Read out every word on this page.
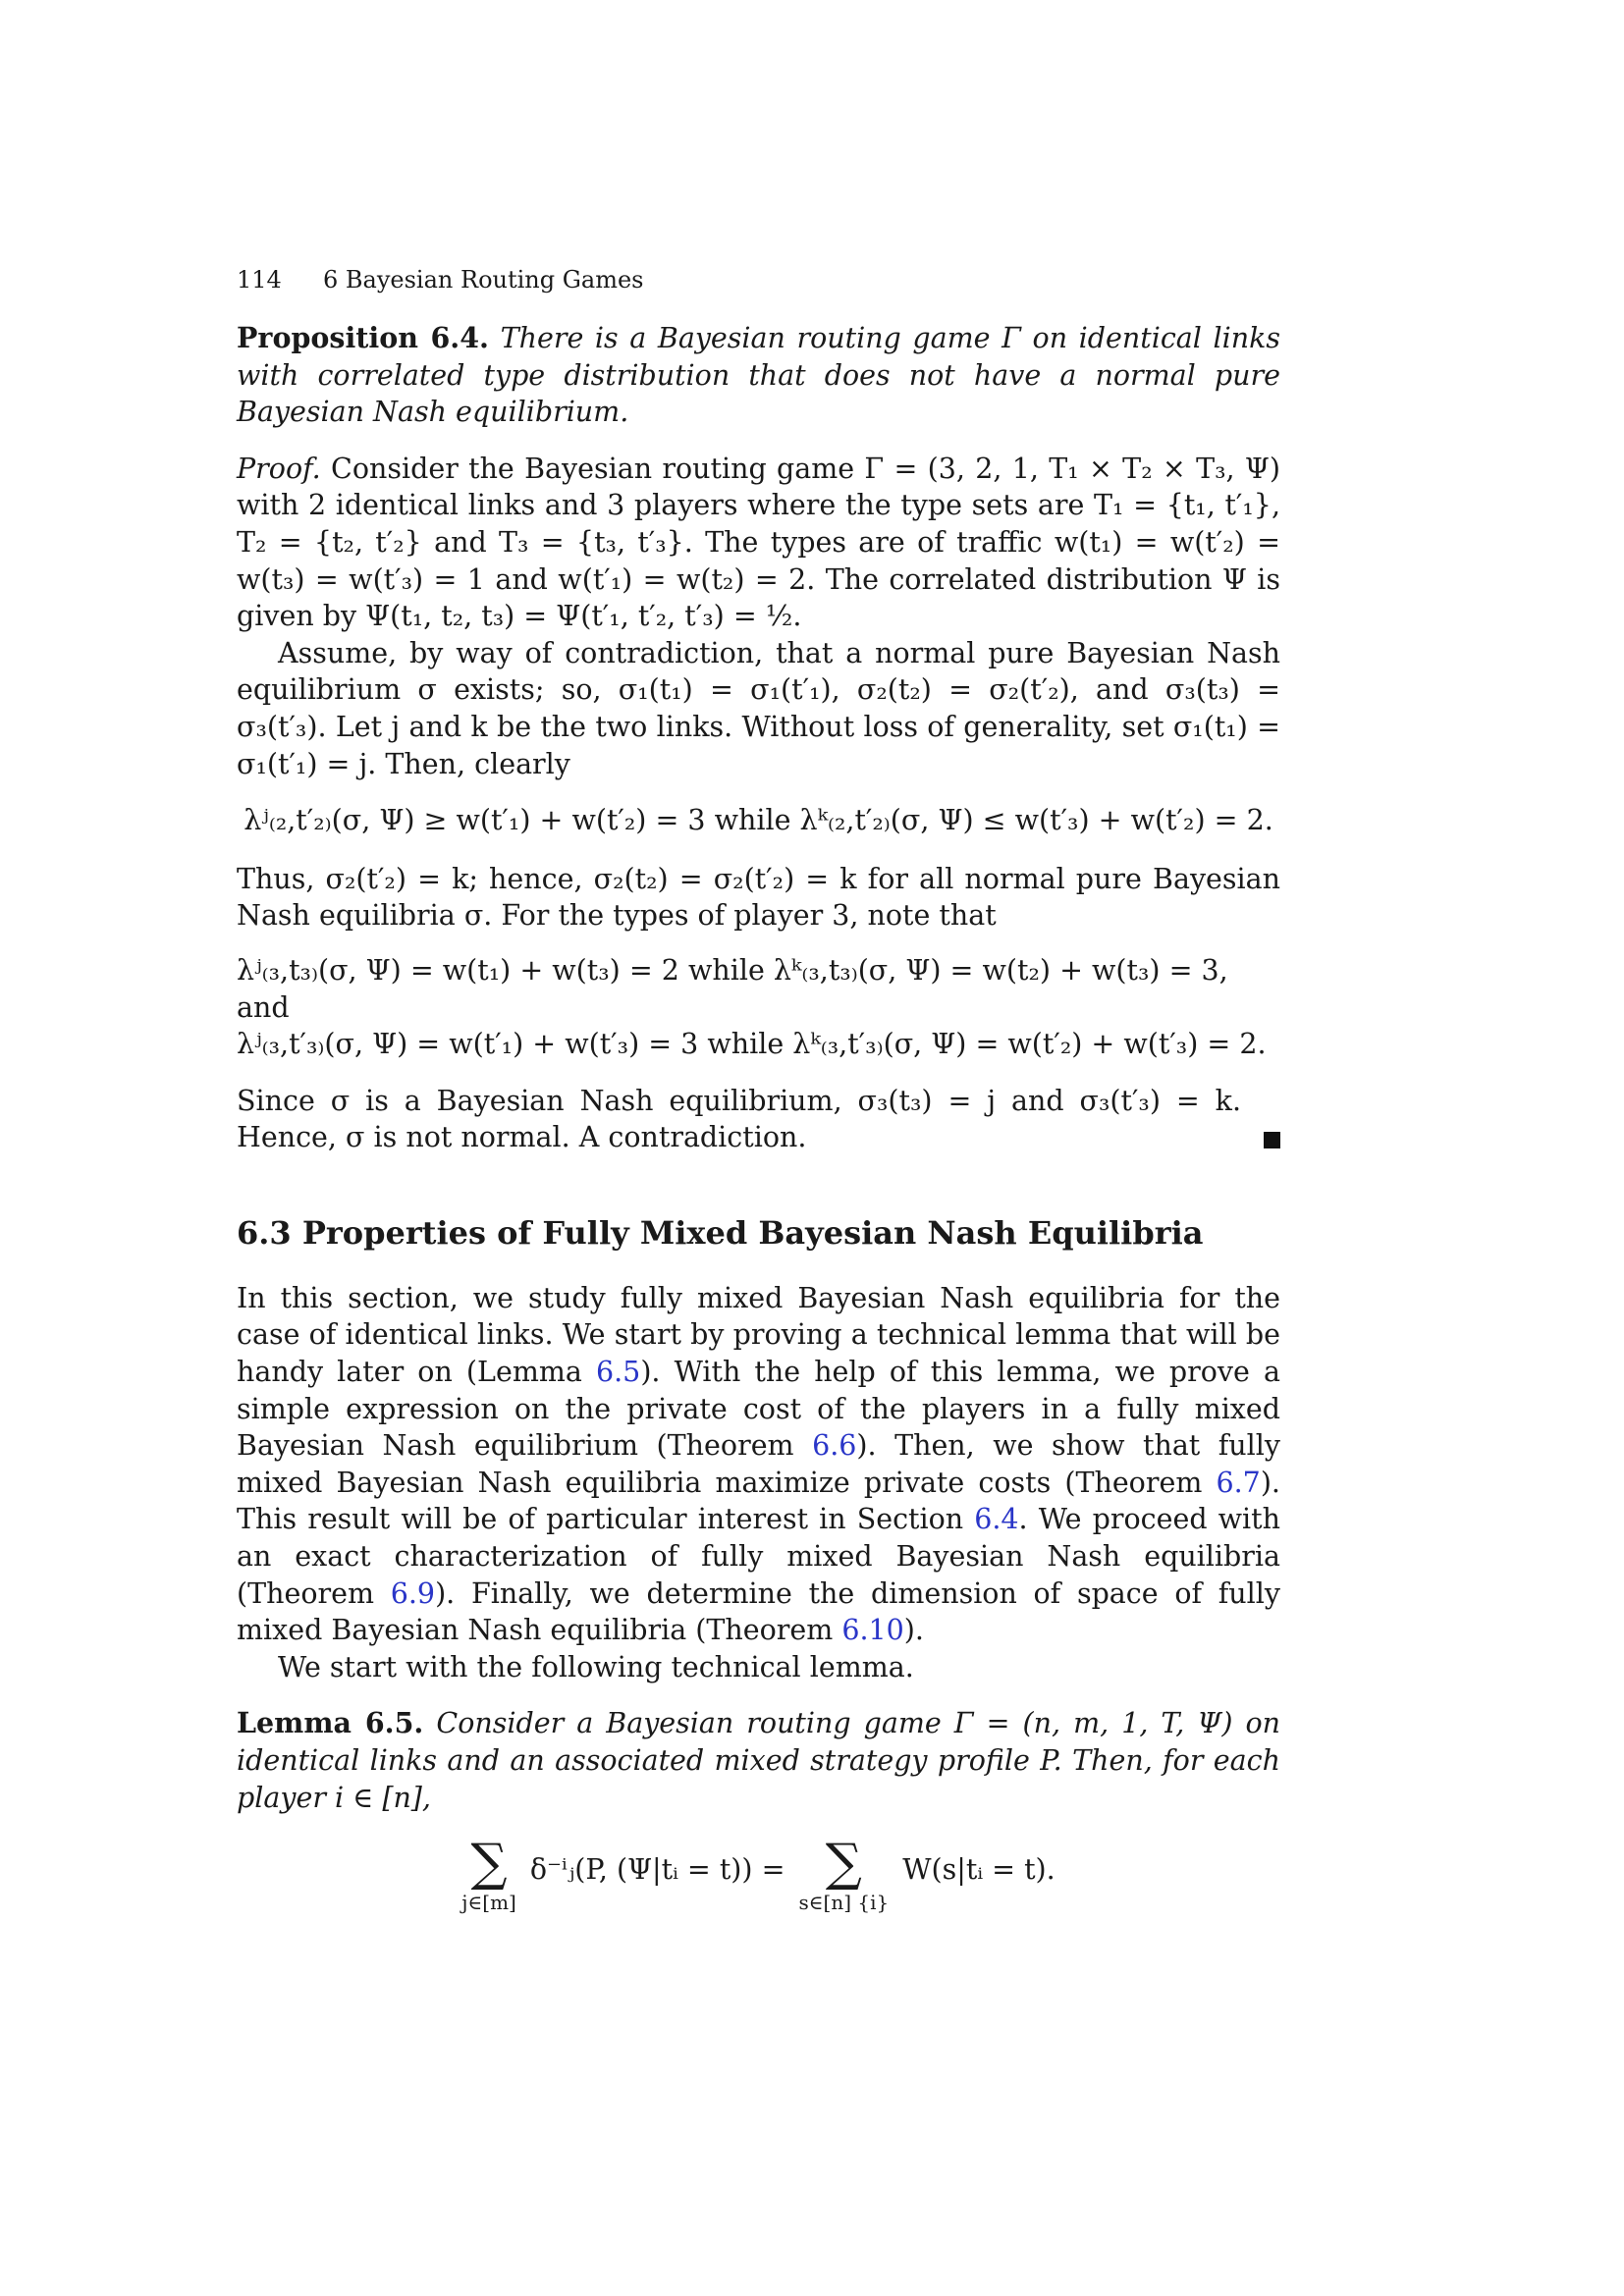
114 6 Bayesian Routing Games

Proposition 6.4. There is a Bayesian routing game Γ on identical links with correlated type distribution that does not have a normal pure Bayesian Nash equilibrium.

Proof. Consider the Bayesian routing game Γ = (3, 2, 1, T₁ × T₂ × T₃, Ψ) with 2 identical links and 3 players where the type sets are T₁ = {t₁, t′₁}, T₂ = {t₂, t′₂} and T₃ = {t₃, t′₃}. The types are of traffic w(t₁) = w(t′₂) = w(t₃) = w(t′₃) = 1 and w(t′₁) = w(t₂) = 2. The correlated distribution Ψ is given by Ψ(t₁, t₂, t₃) = Ψ(t′₁, t′₂, t′₃) = ½.

Assume, by way of contradiction, that a normal pure Bayesian Nash equilibrium σ exists; so, σ₁(t₁) = σ₁(t′₁), σ₂(t₂) = σ₂(t′₂), and σ₃(t₃) = σ₃(t′₃). Let j and k be the two links. Without loss of generality, set σ₁(t₁) = σ₁(t′₁) = j. Then, clearly

λʲ₍₂,t′₂₎(σ, Ψ) ≥ w(t′₁) + w(t′₂) = 3 while λᵏ₍₂,t′₂₎(σ, Ψ) ≤ w(t′₃) + w(t′₂) = 2.

Thus, σ₂(t′₂) = k; hence, σ₂(t₂) = σ₂(t′₂) = k for all normal pure Bayesian Nash equilibria σ. For the types of player 3, note that

λʲ₍₃,t₃₎(σ, Ψ) = w(t₁) + w(t₃) = 2 while λᵏ₍₃,t₃₎(σ, Ψ) = w(t₂) + w(t₃) = 3, and
λʲ₍₃,t′₃₎(σ, Ψ) = w(t′₁) + w(t′₃) = 3 while λᵏ₍₃,t′₃₎(σ, Ψ) = w(t′₂) + w(t′₃) = 2.

Since σ is a Bayesian Nash equilibrium, σ₃(t₃) = j and σ₃(t′₃) = k. Hence, σ is not normal. A contradiction.

6.3 Properties of Fully Mixed Bayesian Nash Equilibria

In this section, we study fully mixed Bayesian Nash equilibria for the case of identical links. We start by proving a technical lemma that will be handy later on (Lemma 6.5). With the help of this lemma, we prove a simple expression on the private cost of the players in a fully mixed Bayesian Nash equilibrium (Theorem 6.6). Then, we show that fully mixed Bayesian Nash equilibria maximize private costs (Theorem 6.7). This result will be of particular interest in Section 6.4. We proceed with an exact characterization of fully mixed Bayesian Nash equilibria (Theorem 6.9). Finally, we determine the dimension of space of fully mixed Bayesian Nash equilibria (Theorem 6.10).

We start with the following technical lemma.

Lemma 6.5. Consider a Bayesian routing game Γ = (n, m, 1, T, Ψ) on identical links and an associated mixed strategy profile P. Then, for each player i ∈ [n],

∑
j∈[m]
δ⁻ⁱⱼ(P, (Ψ|tᵢ = t)) = ∑
s∈[n] {i}
W(s|tᵢ = t).
